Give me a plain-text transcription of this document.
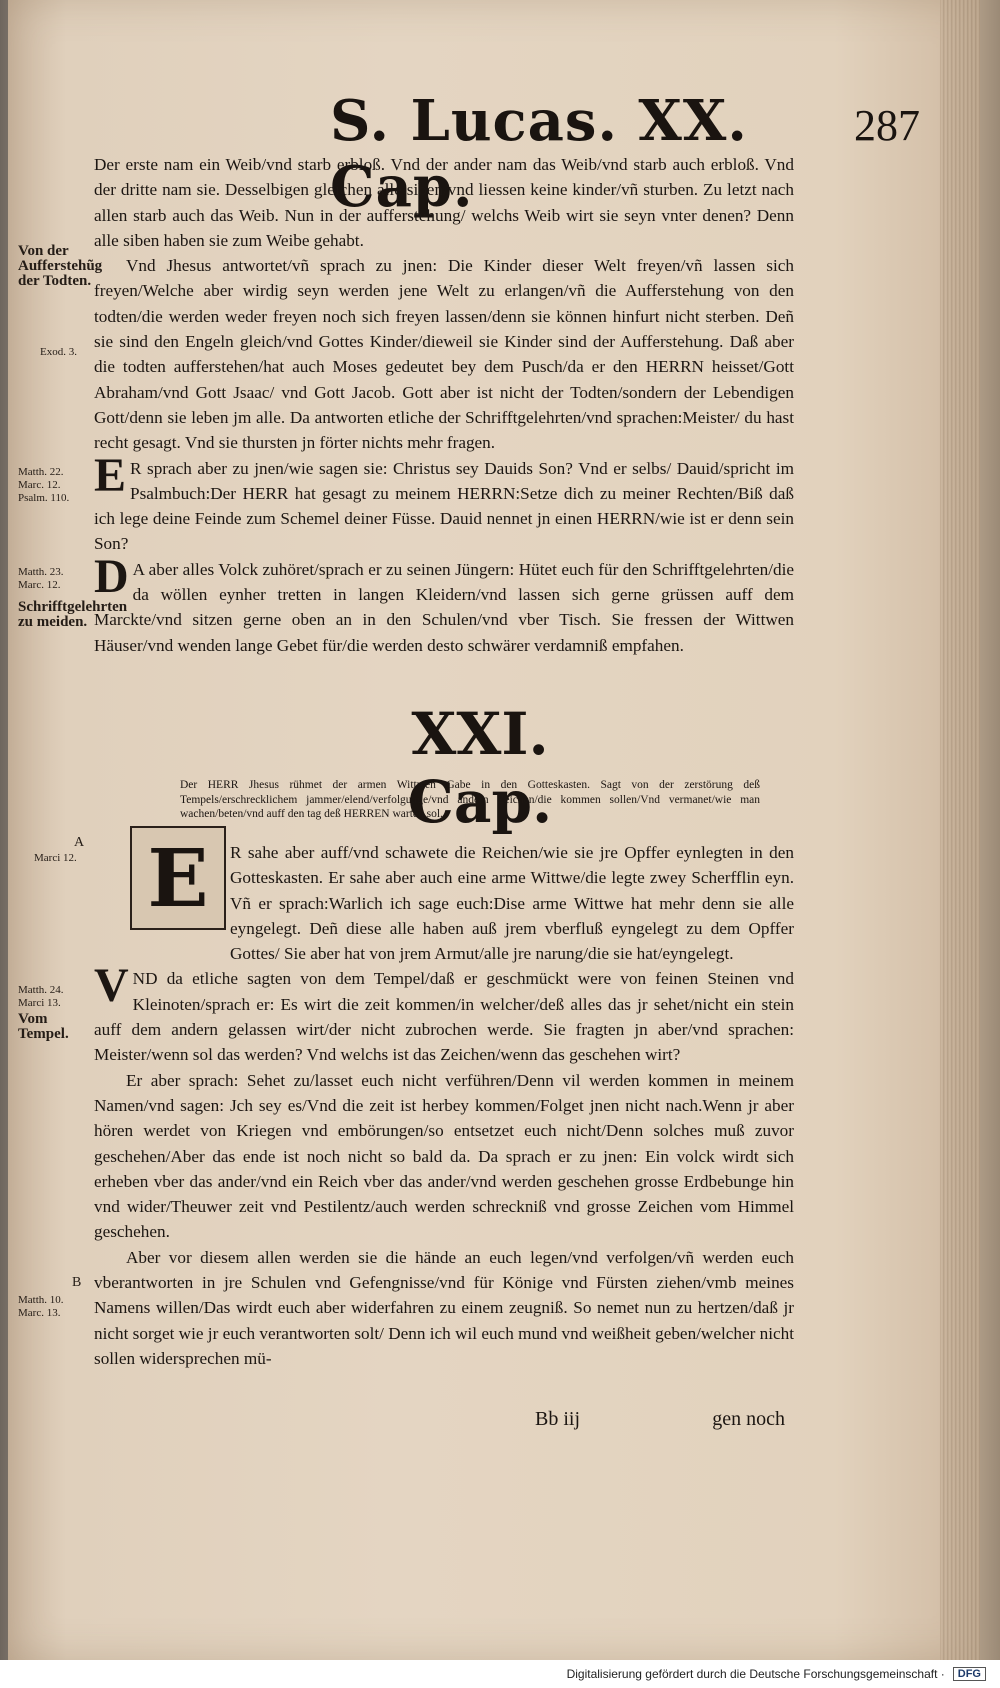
S. Lucas. XX. Cap.
287

Der erste nam ein Weib/vnd starb erbloß. Vnd der ander nam das Weib/vnd starb auch erbloß. Vnd der dritte nam sie. Desselbigen gleichen alle siben/vnd liessen keine kinder/vñ sturben. Zu letzt nach allen starb auch das Weib. Nun in der aufferstehung/ welchs Weib wirt sie seyn vnter denen? Denn alle siben haben sie zum Weibe gehabt.

Vnd Jhesus antwortet/vñ sprach zu jnen: Die Kinder dieser Welt freyen/vñ lassen sich freyen/Welche aber wirdig seyn werden jene Welt zu erlangen/vñ die Aufferstehung von den todten/die werden weder freyen noch sich freyen lassen/denn sie können hinfurt nicht sterben. Deñ sie sind den Engeln gleich/vnd Gottes Kinder/dieweil sie Kinder sind der Aufferstehung. Daß aber die todten aufferstehen/hat auch Moses gedeutet bey dem Pusch/da er den HERRN heisset/Gott Abraham/vnd Gott Jsaac/ vnd Gott Jacob. Gott aber ist nicht der Todten/sondern der Lebendigen Gott/denn sie leben jm alle. Da antworten etliche der Schrifftgelehrten/vnd sprachen:Meister/ du hast recht gesagt. Vnd sie thursten jn förter nichts mehr fragen.

ER sprach aber zu jnen/wie sagen sie: Christus sey Dauids Son? Vnd er selbs/ Dauid/spricht im Psalmbuch:Der HERR hat gesagt zu meinem HERRN:Setze dich zu meiner Rechten/Biß daß ich lege deine Feinde zum Schemel deiner Füsse. Dauid nennet jn einen HERRN/wie ist er denn sein Son?

DA aber alles Volck zuhöret/sprach er zu seinen Jüngern: Hütet euch für den Schrifftgelehrten/die da wöllen eynher tretten in langen Kleidern/vnd lassen sich gerne grüssen auff dem Marckte/vnd sitzen gerne oben an in den Schulen/vnd vber Tisch. Sie fressen der Wittwen Häuser/vnd wenden lange Gebet für/die werden desto schwärer verdamniß empfahen.

XXI. Cap.
Der HERR Jhesus rühmet der armen Wittwen Gabe in den Gotteskasten. Sagt von der zerstörung deß Tempels/erschrecklichem jammer/elend/verfolgunge/vnd andern Zeichen/die kommen sollen/Vnd vermanet/wie man wachen/beten/vnd auff den tag deß HERREN warten sol.
E	R sahe aber auff/vnd schawete die Reichen/wie sie jre Opffer eynlegten in den Gotteskasten. Er sahe aber auch eine arme Wittwe/die legte zwey Scherfflin eyn. Vñ er sprach:Warlich ich sage euch:Dise arme Wittwe hat mehr denn sie alle eyngelegt. Deñ diese alle haben auß jrem vberfluß eyngelegt zu dem Opffer Gottes/ Sie aber hat von jrem Armut/alle jre narung/die sie hat/eyngelegt.

VND da etliche sagten von dem Tempel/daß er geschmückt were von feinen Steinen vnd Kleinoten/sprach er: Es wirt die zeit kommen/in welcher/deß alles das jr sehet/nicht ein stein auff dem andern gelassen wirt/der nicht zubrochen werde. Sie fragten jn aber/vnd sprachen: Meister/wenn sol das werden? Vnd welchs ist das Zeichen/wenn das geschehen wirt?

Er aber sprach: Sehet zu/lasset euch nicht verführen/Denn vil werden kommen in meinem Namen/vnd sagen: Jch sey es/Vnd die zeit ist herbey kommen/Folget jnen nicht nach.Wenn jr aber hören werdet von Kriegen vnd embörungen/so entsetzet euch nicht/Denn solches muß zuvor geschehen/Aber das ende ist noch nicht so bald da. Da sprach er zu jnen: Ein volck wirdt sich erheben vber das ander/vnd ein Reich vber das ander/vnd werden geschehen grosse Erdbebunge hin vnd wider/Theuwer zeit vnd Pestilentz/auch werden schreckniß vnd grosse Zeichen vom Himmel geschehen.

Aber vor diesem allen werden sie die hände an euch legen/vnd verfolgen/vñ werden euch vberantworten in jre Schulen vnd Gefengnisse/vnd für Könige vnd Fürsten ziehen/vmb meines Namens willen/Das wirdt euch aber widerfahren zu einem zeugniß. So nemet nun zu hertzen/daß jr nicht sorget wie jr euch verantworten solt/ Denn ich wil euch mund vnd weißheit geben/welcher nicht sollen widersprechen mü-

Von der Aufferstehũg der Todten.
Exod. 3.
Matth. 22. Marc. 12. Psalm. 110.
Matth. 23. Marc. 12.
Schrifftgelehrten zu meiden.
A
Marci 12.
Matth. 24. Marci 13.
Vom Tempel.
B
Matth. 10. Marc. 13.
Bb iij	gen noch
Digitalisierung gefördert durch die Deutsche Forschungsgemeinschaft ·	DFG
